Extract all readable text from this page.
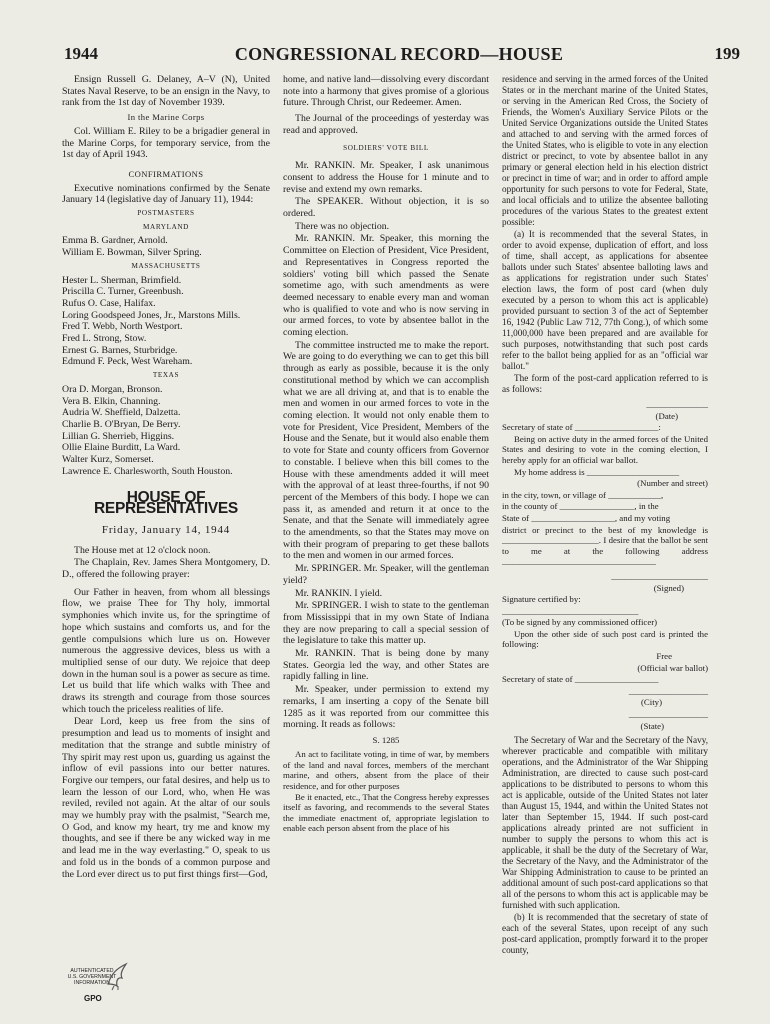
1944	CONGRESSIONAL RECORD—HOUSE	199

Ensign Russell G. Delaney, A–V (N), United States Naval Reserve, to be an ensign in the Navy, to rank from the 1st day of November 1939.

In the Marine Corps

Col. William E. Riley to be a brigadier general in the Marine Corps, for temporary service, from the 1st day of April 1943.

CONFIRMATIONS

Executive nominations confirmed by the Senate January 14 (legislative day of January 11), 1944:

POSTMASTERS

MARYLAND

Emma B. Gardner, Arnold.

William E. Bowman, Silver Spring.

MASSACHUSETTS

Hester L. Sherman, Brimfield.

Priscilla C. Turner, Greenbush.

Rufus O. Case, Halifax.

Loring Goodspeed Jones, Jr., Marstons Mills.

Fred T. Webb, North Westport.

Fred L. Strong, Stow.

Ernest G. Barnes, Sturbridge.

Edmund F. Peck, West Wareham.

TEXAS

Ora D. Morgan, Bronson.

Vera B. Elkin, Channing.

Audria W. Sheffield, Dalzetta.

Charlie B. O'Bryan, De Berry.

Lillian G. Sherrieb, Higgins.

Ollie Elaine Burditt, La Ward.

Walter Kurz, Somerset.

Lawrence E. Charlesworth, South Houston.

HOUSE OF REPRESENTATIVES

Friday, January 14, 1944

The House met at 12 o'clock noon.

The Chaplain, Rev. James Shera Montgomery, D. D., offered the following prayer:

Our Father in heaven, from whom all blessings flow, we praise Thee for Thy holy, immortal symphonies which invite us, for the springtime of hope which sustains and comforts us, and for the gentle compulsions which lure us on. However numerous the aggressive devices, bless us with a multiplied sense of our duty. We rejoice that deep down in the human soul is a power as secure as time. Let us build that life which walks with Thee and draws its strength and courage from those sources which touch the priceless realities of life.

Dear Lord, keep us free from the sins of presumption and lead us to moments of insight and meditation that the strange and subtle ministry of Thy spirit may rest upon us, guarding us against the inflow of evil passions into our better natures. Forgive our tempers, our fatal desires, and help us to learn the lesson of our Lord, who, when He was reviled, reviled not again. At the altar of our souls may we humbly pray with the psalmist, "Search me, O God, and know my heart, try me and know my thoughts, and see if there be any wicked way in me and lead me in the way everlasting." O, speak to us and fold us in the bonds of a common purpose and the Lord ever direct us to put first things first—God,

home, and native land—dissolving every discordant note into a harmony that gives promise of a glorious future. Through Christ, our Redeemer. Amen.

The Journal of the proceedings of yesterday was read and approved.

SOLDIERS' VOTE BILL

Mr. RANKIN. Mr. Speaker, I ask unanimous consent to address the House for 1 minute and to revise and extend my own remarks.

The SPEAKER. Without objection, it is so ordered.

There was no objection.

Mr. RANKIN. Mr. Speaker, this morning the Committee on Election of President, Vice President, and Representatives in Congress reported the soldiers' voting bill which passed the Senate sometime ago, with such amendments as were deemed necessary to enable every man and woman who is qualified to vote and who is now serving in our armed forces, to vote by absentee ballot in the coming election.

The committee instructed me to make the report. We are going to do everything we can to get this bill through as early as possible, because it is the only constitutional method by which we can accomplish what we are all driving at, and that is to enable the men and women in our armed forces to vote in the coming election. It would not only enable them to vote for President, Vice President, Members of the House and the Senate, but it would also enable them to vote for State and county officers from Governor to constable. I believe when this bill comes to the House with these amendments added it will meet with the approval of at least three-fourths, if not 90 percent of the Members of this body. I hope we can pass it, as amended and return it at once to the Senate, and that the Senate will immediately agree to the amendments, so that the States may move on with their program of preparing to get these ballots to the men and women in our armed forces.

Mr. SPRINGER. Mr. Speaker, will the gentleman yield?

Mr. RANKIN. I yield.

Mr. SPRINGER. I wish to state to the gentleman from Mississippi that in my own State of Indiana they are now preparing to call a special session of the legislature to take this matter up.

Mr. RANKIN. That is being done by many States. Georgia led the way, and other States are rapidly falling in line.

Mr. Speaker, under permission to extend my remarks, I am inserting a copy of the Senate bill 1285 as it was reported from our committee this morning. It reads as follows:

S. 1285

An act to facilitate voting, in time of war, by members of the land and naval forces, members of the merchant marine, and others, absent from the place of their residence, and for other purposes

Be it enacted, etc., That the Congress hereby expresses itself as favoring, and recommends to the several States the immediate enactment of, appropriate legislation to enable each person absent from the place of his

residence and serving in the armed forces of the United States or in the merchant marine of the United States, or serving in the American Red Cross, the Society of Friends, the Women's Auxiliary Service Pilots or the United Service Organizations outside the United States and attached to and serving with the armed forces of the United States, who is eligible to vote in any election district or precinct, to vote by absentee ballot in any primary or general election held in his election district or precinct in time of war; and in order to afford ample opportunity for such persons to vote for Federal, State, and local officials and to utilize the absentee balloting procedures of the various States to the greatest extent possible:

(a) It is recommended that the several States, in order to avoid expense, duplication of effort, and loss of time, shall accept, as applications for absentee ballots under such States' absentee balloting laws and as applications for registration under such States' election laws, the form of post card (when duly executed by a person to whom this act is applicable) provided pursuant to section 3 of the act of September 16, 1942 (Public Law 712, 77th Cong.), of which some 11,000,000 have been prepared and are available for such purposes, notwithstanding that such post cards refer to the ballot being applied for as an "official war ballot."

The form of the post-card application referred to is as follows:

______________

(Date)

Secretary of state of ___________________:

Being on active duty in the armed forces of the United States and desiring to vote in the coming election, I hereby apply for an official war ballot.

My home address is _____________________

(Number and street)

in the city, town, or village of ____________,

in the county of _________________, in the

State of ___________________, and my voting

district or precinct to the best of my knowledge is ______________________. I desire that the ballot be sent to me at the following address ___________________________________

______________________

(Signed)

Signature certified by:

_______________________________

(To be signed by any commissioned officer)

Upon the other side of such post card is printed the following:

Free

(Official war ballot)

Secretary of state of ___________________

__________________

(City)

__________________

(State)

The Secretary of War and the Secretary of the Navy, wherever practicable and compatible with military operations, and the Administrator of the War Shipping Administration, are directed to cause such post-card applications to be distributed to persons to whom this act is applicable, outside of the United States not later than August 15, 1944, and within the United States not later than September 15, 1944. If such post-card applications already printed are not sufficient in number to supply the persons to whom this act is applicable, it shall be the duty of the Secretary of War, the Secretary of the Navy, and the Administrator of the War Shipping Administration to cause to be printed an additional amount of such post-card applications so that all of the persons to whom this act is applicable may be furnished with such application.

(b) It is recommended that the secretary of state of each of the several States, upon receipt of any such post-card application, promptly forward it to the proper county,

AUTHENTICATED
U.S. GOVERNMENT
INFORMATION
GPO
